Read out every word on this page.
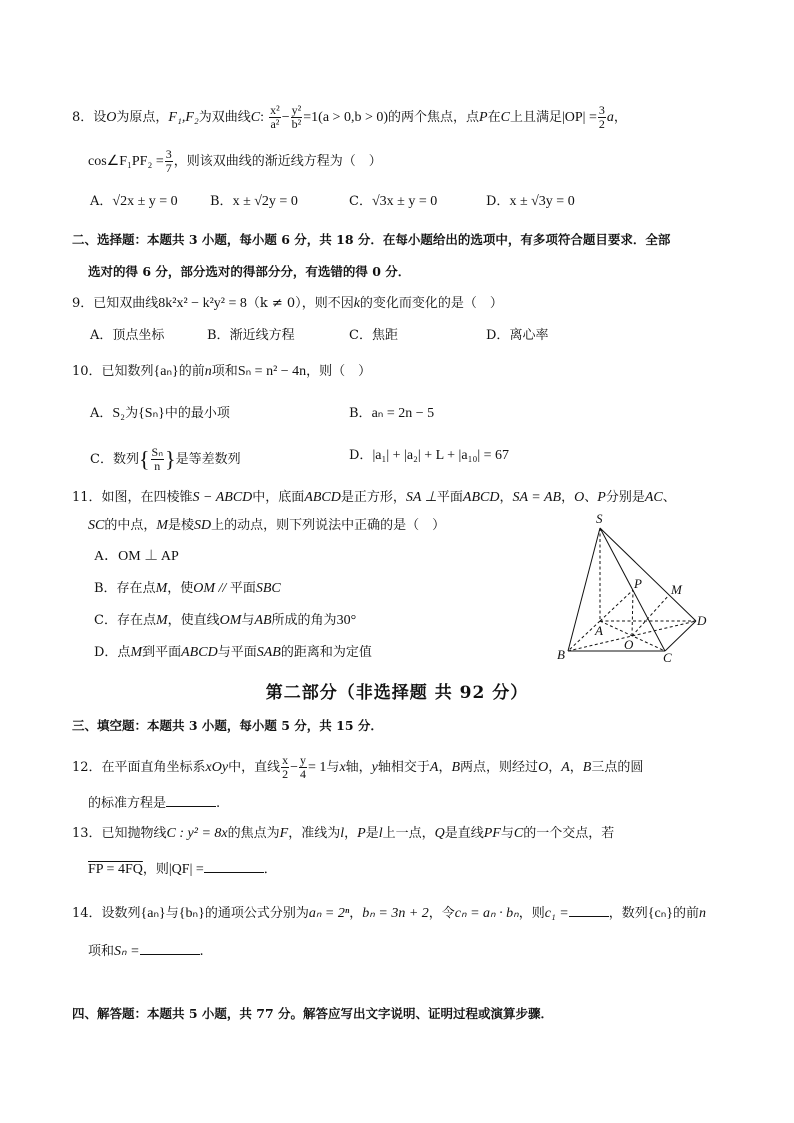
8．设O为原点，F₁,F₂为双曲线C: $\frac{\text{x²}}{\text{a²}} - \frac{\text{y²}}{\text{b²}} =1(a > 0,b > 0)$的两个焦点，点P在C上且满足$|OP| = \frac{3}{2}$ a，
cos∠F₁PF₂ = $\frac{3}{7}$ ，则该双曲线的渐近线方程为（　）
A．√2x ± y = 0 B．x ± √2y = 0	C．√3x ± y = 0	D．x ± √3y = 0
二、选择题：本题共 3 小题，每小题 6 分，共 18 分．在每小题给出的选项中，有多项符合题目要求．全部
选对的得 6 分，部分选对的得部分分，有选错的得 0 分．
9．已知双曲线8k²x² − k²y² = 8（k ≠ 0），则不因k的变化而变化的是（　）
A．顶点坐标	B．渐近线方程	C．焦距	D．离心率
10．已知数列{aₙ}的前n项和Sₙ = n² − 4n，则（　）
A．S₂为{Sₙ}中的最小项	B．aₙ = 2n − 5
C．数列{ $\frac{\text{Sₙ}}{n}$ }是等差数列	D．|a₁| + |a₂| + L + |a₁₀| = 67
11．如图，在四棱锥S − ABCD中，底面ABCD是正方形，SA ⊥平面ABCD，SA = AB，O、P分别是AC、
SC的中点，M是棱SD上的动点，则下列说法中正确的是（　）
A．OM ⊥ AP
B．存在点M，使OM // 平面SBC
C．存在点M，使直线OM与AB所成的角为30°
D．点M到平面ABCD与平面SAB的距离和为定值
S
P M
A
D
O
B	C
第二部分（非选择题 共 92 分）
三、填空题：本题共 3 小题，每小题 5 分，共 15 分．
12．在平面直角坐标系xOy中，直线 $\frac{x}{2} - \frac{y}{4} = 1$与x轴，y轴相交于A，B两点，则经过O，A，B三点的圆
的标准方程是	.
13．已知抛物线C : y² = 8x的焦点为F，准线为l，P是l上一点，Q是直线PF与C的一个交点，若
FP = 4FQ，则|QF| =	．
14．设数列{aₙ}与{bₙ}的通项公式分别为aₙ = 2ⁿ，bₙ = 3n + 2，令cₙ = aₙ · bₙ，则c₁ =	，数列{cₙ}的前n
项和Sₙ =	.
四、解答题：本题共 5 小题，共 77 分。解答应写出文字说明、证明过程或演算步骤．
